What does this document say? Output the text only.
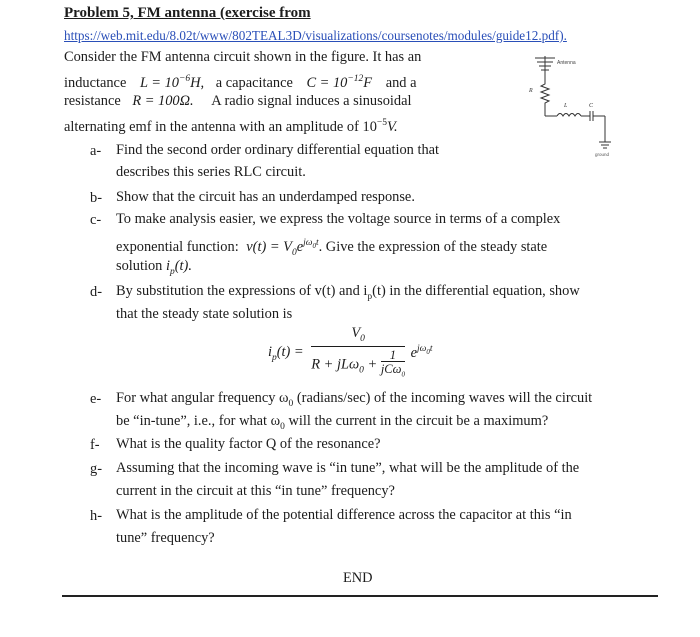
Problem 5, FM antenna (exercise from
https://web.mit.edu/8.02t/www/802TEAL3D/visualizations/coursenotes/modules/guide12.pdf).
Consider the FM antenna circuit shown in the figure. It has an
inductance $L = 10^{-6}H$, a capacitance $C = 10^{-12}F$ and a
resistance R = 100Ω. A radio signal induces a sinusoidal
alternating emf in the antenna with an amplitude of $10^{-5}V$.
Antenna
R
L	C
ground
a- Find the second order ordinary differential equation that
describes this series RLC circuit.
b- Show that the circuit has an underdamped response.
c- To make analysis easier, we express the voltage source in terms of a complex
exponential function: $v(t) = V_0e^{j\omega_0t}$. Give the expression of the steady state
solution $i_p(t)$.
d- By substitution the expressions of v(t) and $i_p(t)$ in the differential equation, show
that the steady state solution is
$i_p(t) = \frac{V_0}{R + jL\omega_0 + \frac{1}{jC\omega_0}} e^{j\omega_0t}$
e- For what angular frequency $\omega_0$ (radians/sec) of the incoming waves will the circuit
be “in-tune”, i.e., for what $\omega_0$ will the current in the circuit be a maximum?
f- What is the quality factor Q of the resonance?
g- Assuming that the incoming wave is “in tune”, what will be the amplitude of the
current in the circuit at this “in tune” frequency?
h- What is the amplitude of the potential difference across the capacitor at this “in
tune” frequency?
END
